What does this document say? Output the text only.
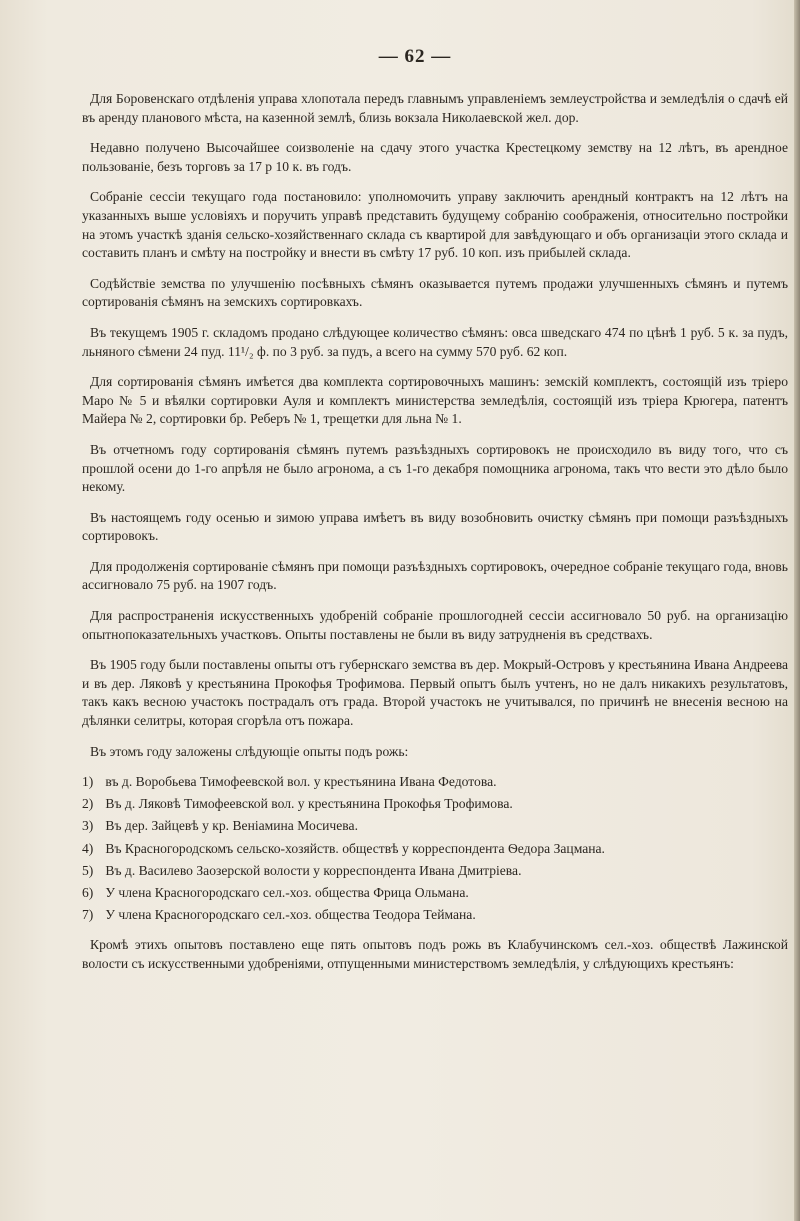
— 62 —

Для Боровенскаго отдѣленія управа хлопотала передъ главнымъ управленіемъ землеустройства и земледѣлія о сдачѣ ей въ аренду планового мѣста, на казенной землѣ, близь вокзала Николаевской жел. дор.

Недавно получено Высочайшее соизволеніе на сдачу этого участка Крестецкому земству на 12 лѣтъ, въ арендное пользованіе, безъ торговъ за 17 р 10 к. въ годъ.

Собраніе сессіи текущаго года постановило: уполномочить управу заключить арендный контрактъ на 12 лѣтъ на указанныхъ выше условіяхъ и поручить управѣ представить будущему собранію соображенія, относительно постройки на этомъ участкѣ зданія сельско-хозяйственнаго склада съ квартирой для завѣдующаго и объ организаціи этого склада и составить планъ и смѣту на постройку и внести въ смѣту 17 руб. 10 коп. изъ прибылей склада.

Содѣйствіе земства по улучшенію посѣвныхъ сѣмянъ оказывается путемъ продажи улучшенныхъ сѣмянъ и путемъ сортированія сѣмянъ на земскихъ сортировкахъ.

Въ текущемъ 1905 г. складомъ продано слѣдующее количество сѣмянъ: овса шведскаго 474 по цѣнѣ 1 руб. 5 к. за пудъ, льняного сѣмени 24 пуд. 11¹/₂ ф. по 3 руб. за пудъ, а всего на сумму 570 руб. 62 коп.

Для сортированія сѣмянъ имѣется два комплекта сортировочныхъ машинъ: земскій комплектъ, состоящій изъ тріеро Маро № 5 и вѣялки сортировки Ауля и комплектъ министерства земледѣлія, состоящій изъ тріера Крюгера, патентъ Майера № 2, сортировки бр. Реберъ № 1, трещетки для льна № 1.

Въ отчетномъ году сортированія сѣмянъ путемъ разъѣздныхъ сортировокъ не происходило въ виду того, что съ прошлой осени до 1-го апрѣля не было агронома, а съ 1-го декабря помощника агронома, такъ что вести это дѣло было некому.

Въ настоящемъ году осенью и зимою управа имѣетъ въ виду возобновить очистку сѣмянъ при помощи разъѣздныхъ сортировокъ.

Для продолженія сортированіе сѣмянъ при помощи разъѣздныхъ сортировокъ, очередное собраніе текущаго года, вновь ассигновало 75 руб. на 1907 годъ.

Для распространенія искусственныхъ удобреній собраніе прошлогодней сессіи ассигновало 50 руб. на организацію опытнопоказательныхъ участковъ. Опыты поставлены не были въ виду затрудненія въ средствахъ.

Въ 1905 году были поставлены опыты отъ губернскаго земства въ дер. Мокрый-Островъ у крестьянина Ивана Андреева и въ дер. Ляковѣ у крестьянина Прокофья Трофимова. Первый опытъ былъ учтенъ, но не далъ никакихъ результатовъ, такъ какъ весною участокъ пострадалъ отъ града. Второй участокъ не учитывался, по причинѣ не внесенія весною на дѣлянки селитры, которая сгорѣла отъ пожара.

Въ этомъ году заложены слѣдующіе опыты подъ рожь:

1) въ д. Воробьева Тимофеевской вол. у крестьянина Ивана Федотова.
2) Въ д. Ляковѣ Тимофеевской вол. у крестьянина Прокофья Трофимова.
3) Въ дер. Зайцевѣ у кр. Веніамина Мосичева.
4) Въ Красногородскомъ сельско-хозяйств. обществѣ у корреспондента Ѳедора Зацмана.
5) Въ д. Василево Заозерской волости у корреспондента Ивана Дмитріева.
6) У члена Красногородскаго сел.-хоз. общества Фрица Ольмана.
7) У члена Красногородскаго сел.-хоз. общества Теодора Теймана.

Кромѣ этихъ опытовъ поставлено еще пять опытовъ подъ рожь въ Клабучинскомъ сел.-хоз. обществѣ Лажинской волости съ искусственными удобреніями, отпущенными министерствомъ земледѣлія, у слѣдующихъ крестьянъ:
